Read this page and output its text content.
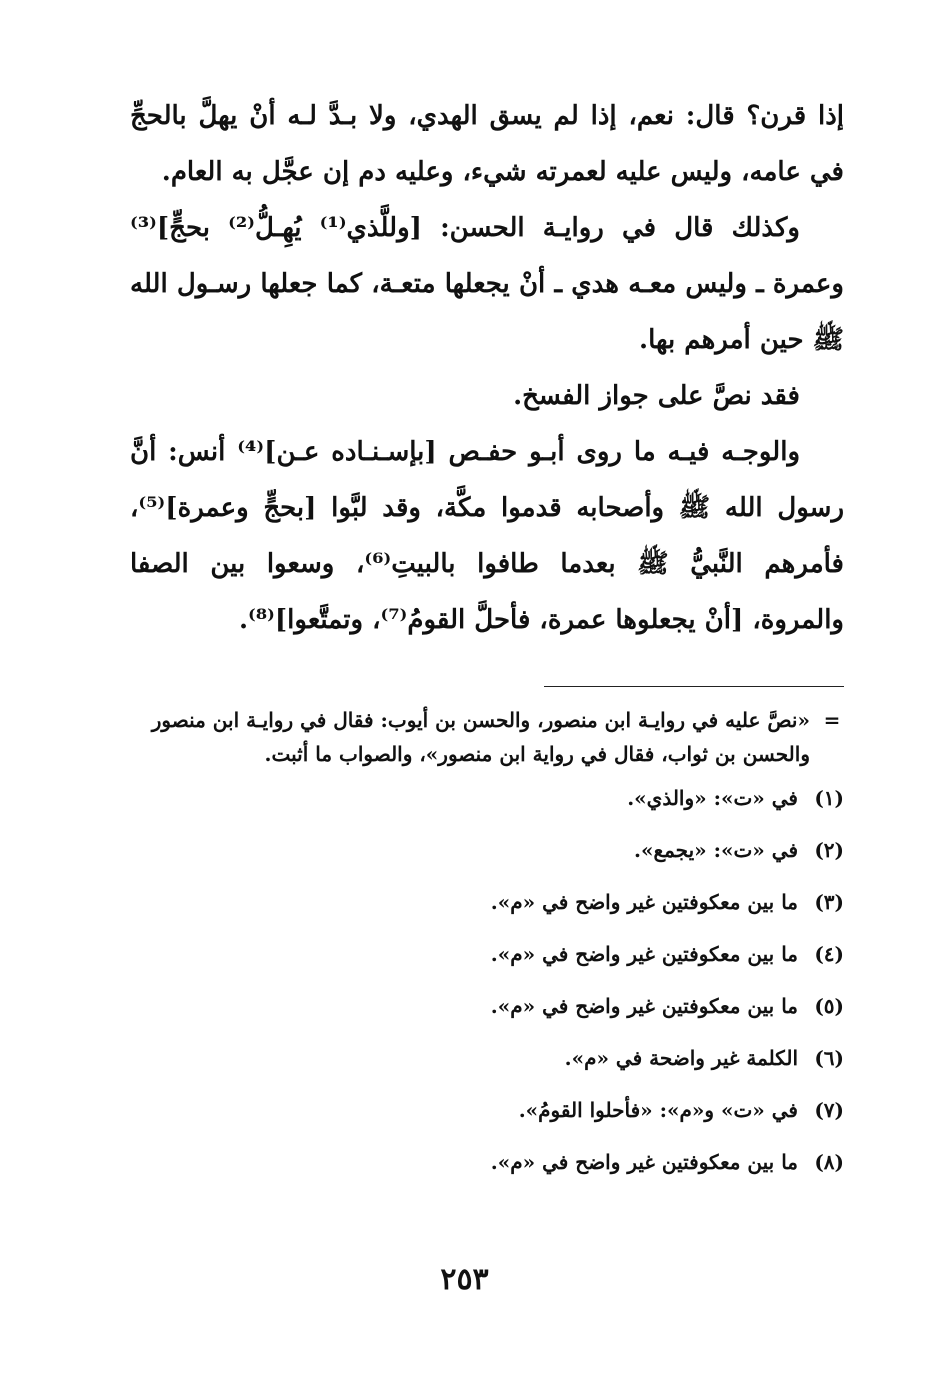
إذا قرن؟ قال: نعم، إذا لم يسق الهدي، ولا بـدَّ لـه أنْ يهلَّ بالحجِّ في عامه، وليس عليه لعمرته شيء، وعليه دم إن عجَّل به العام.

وكذلك قال في روايـة الحسن: [وللَّذي⁽¹⁾ يُهِـلُّ⁽²⁾ بحجٍّ]⁽³⁾ وعمرة ـ وليس معـه هدي ـ أنْ يجعلها متعـة، كما جعلها رسـول الله ﷺ حين أمرهم بها.

فقد نصَّ على جواز الفسخ.

والوجـه فيـه ما روى أبـو حفـص [بإسـنـاده عـن]⁽⁴⁾ أنس: أنَّ رسول الله ﷺ وأصحابه قدموا مكَّة، وقد لبَّوا [بحجٍّ وعمرة]⁽⁵⁾، فأمرهم النَّبيُّ ﷺ بعدما طافوا بالبيتِ⁽⁶⁾، وسعوا بين الصفا والمروة، [أنْ يجعلوها عمرة، فأحلَّ القومُ⁽⁷⁾، وتمتَّعوا]⁽⁸⁾.

=
«نصَّ عليه في روايـة ابن منصور، والحسن بن أيوب: فقال في روايـة ابن منصور والحسن بن ثواب، فقال في رواية ابن منصور»، والصواب ما أثبت.
(١)
في «ت»: «والذي».
(٢)
في «ت»: «يجمع».
(٣)
ما بين معكوفتين غير واضح في «م».
(٤)
ما بين معكوفتين غير واضح في «م».
(٥)
ما بين معكوفتين غير واضح في «م».
(٦)
الكلمة غير واضحة في «م».
(٧)
في «ت» و«م»: «فأحلوا القومُ».
(٨)
ما بين معكوفتين غير واضح في «م».
٢٥٣
